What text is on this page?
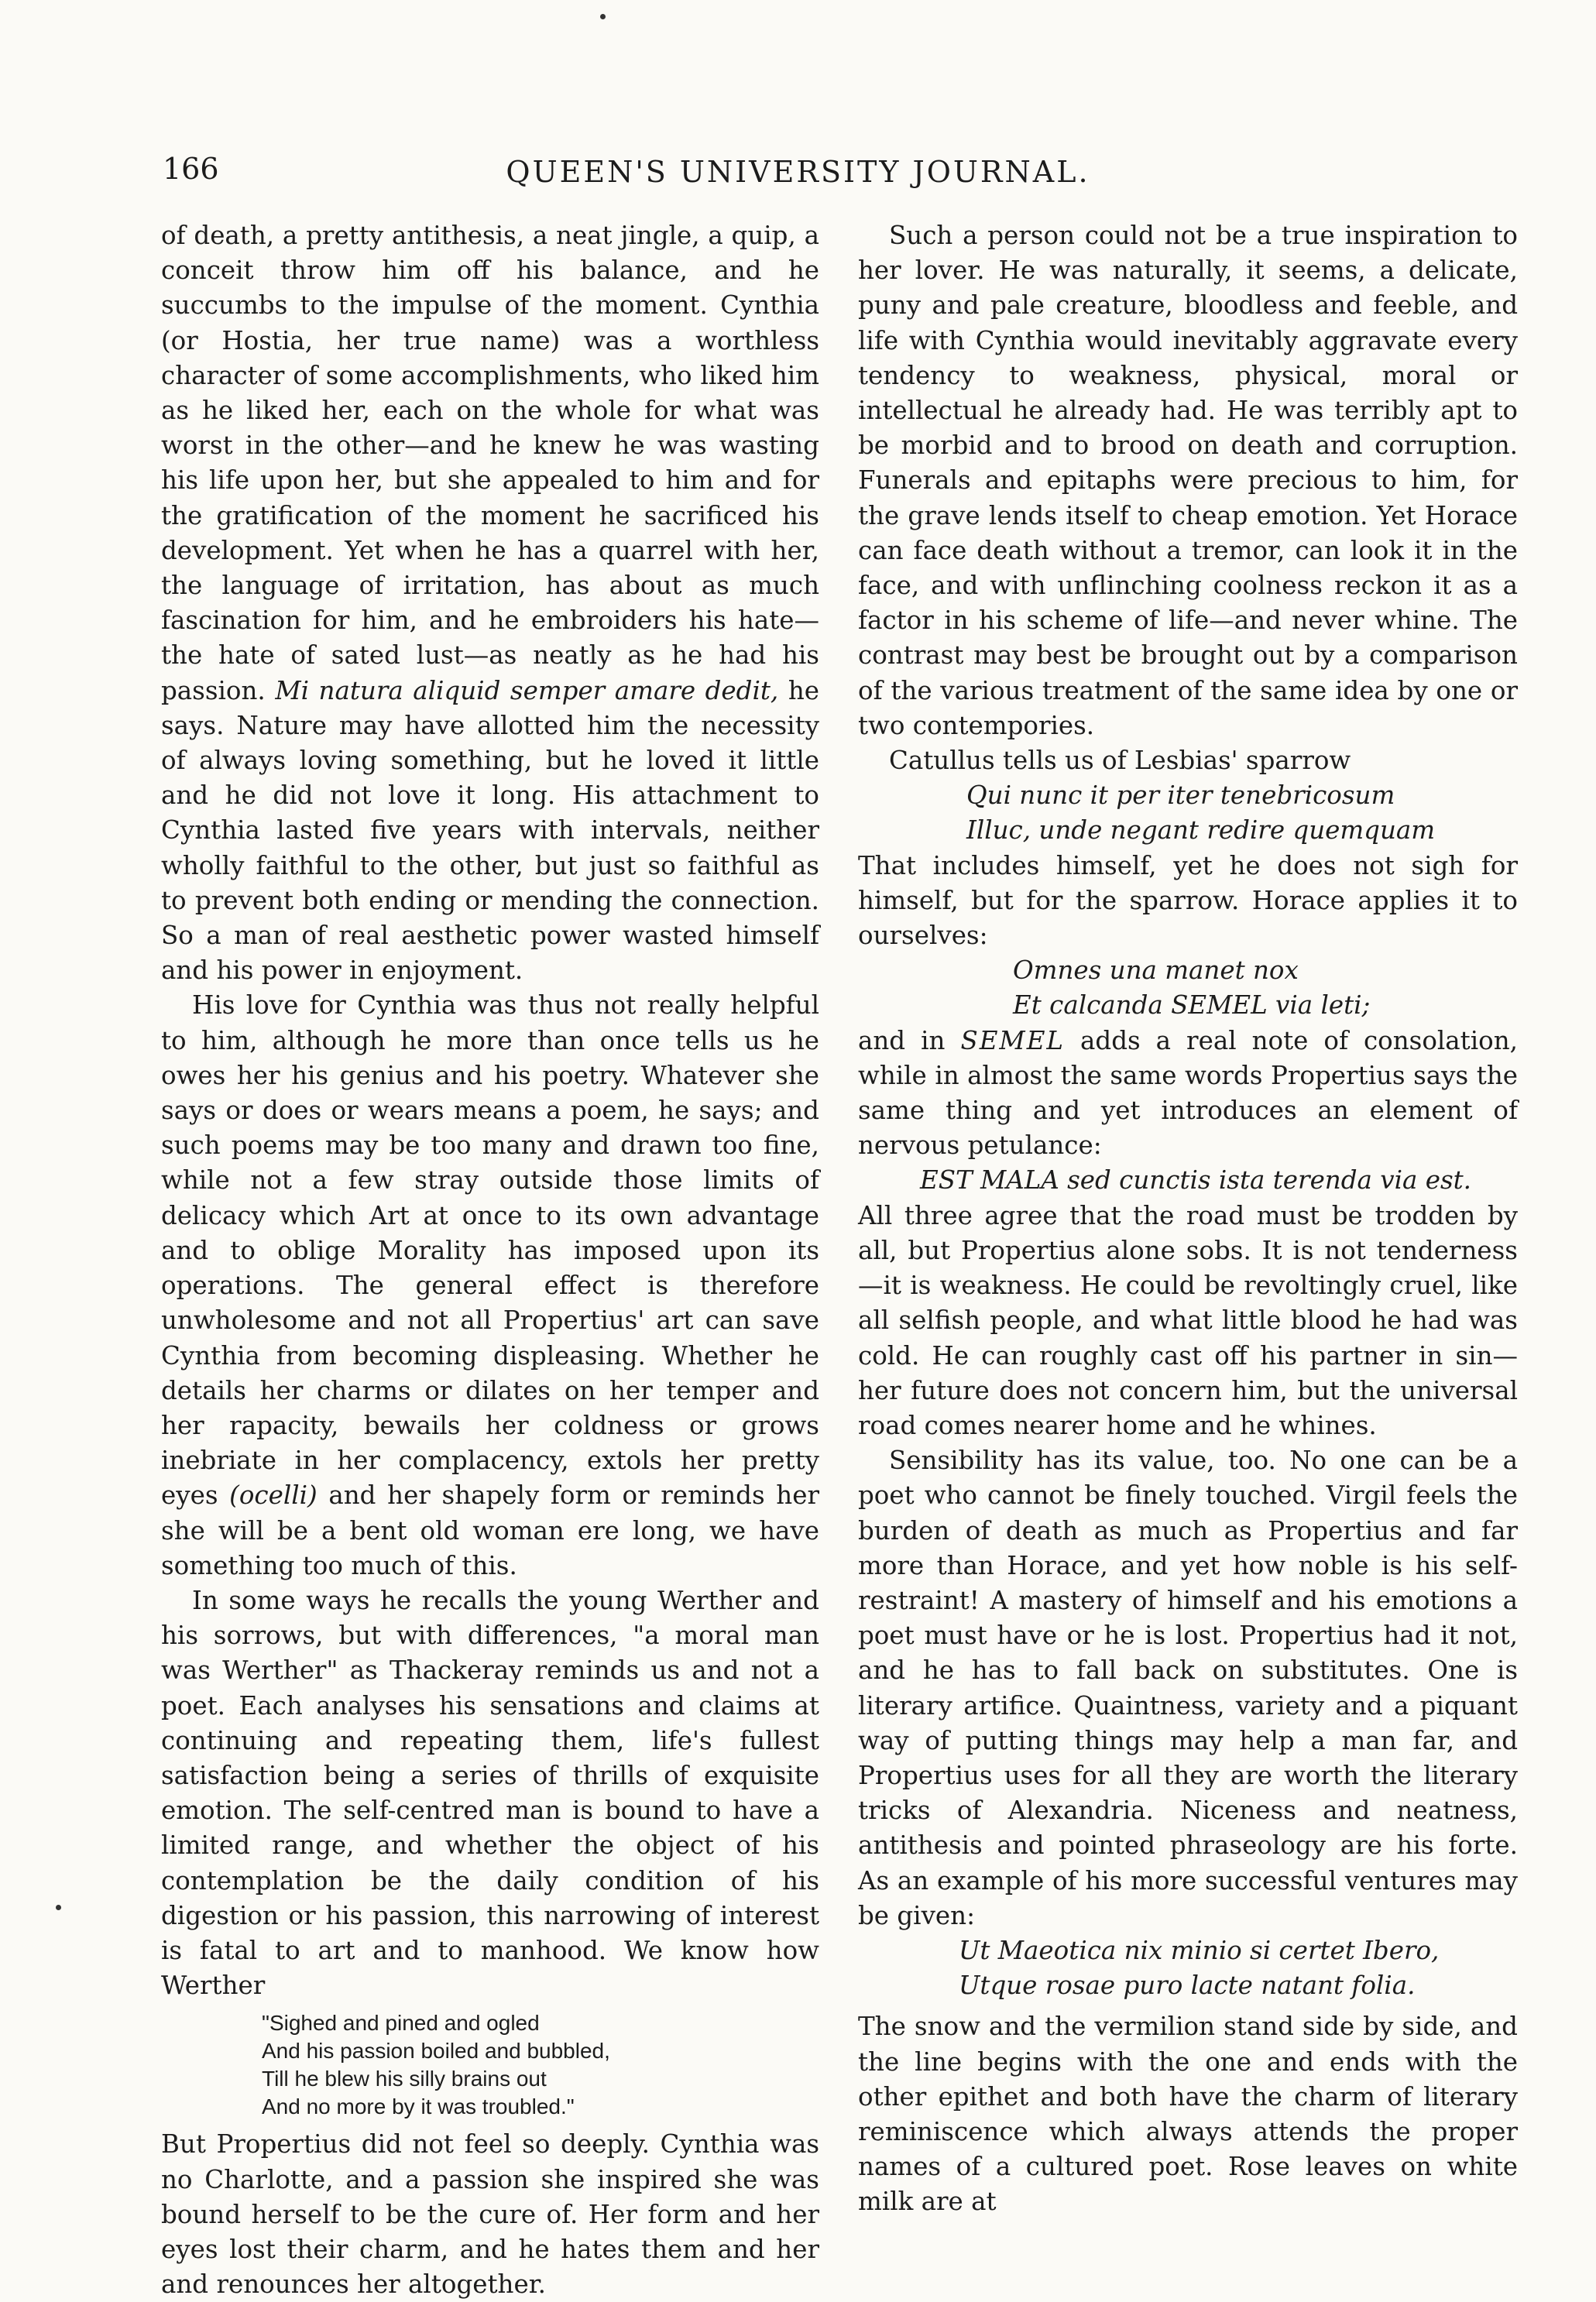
166	QUEEN'S UNIVERSITY JOURNAL.

of death, a pretty antithesis, a neat jingle, a quip, a conceit throw him off his balance, and he succumbs to the impulse of the moment. Cynthia (or Hostia, her true name) was a worthless character of some accomplishments, who liked him as he liked her, each on the whole for what was worst in the other—and he knew he was wasting his life upon her, but she appealed to him and for the gratification of the moment he sacrificed his development. Yet when he has a quarrel with her, the language of irritation, has about as much fascination for him, and he embroiders his hate—the hate of sated lust—as neatly as he had his passion. Mi natura aliquid semper amare dedit, he says. Nature may have allotted him the necessity of always loving something, but he loved it little and he did not love it long. His attachment to Cynthia lasted five years with intervals, neither wholly faithful to the other, but just so faithful as to prevent both ending or mending the connection. So a man of real aesthetic power wasted himself and his power in enjoyment.

His love for Cynthia was thus not really helpful to him, although he more than once tells us he owes her his genius and his poetry. Whatever she says or does or wears means a poem, he says; and such poems may be too many and drawn too fine, while not a few stray outside those limits of delicacy which Art at once to its own advantage and to oblige Morality has imposed upon its operations. The general effect is therefore unwholesome and not all Propertius' art can save Cynthia from becoming displeasing. Whether he details her charms or dilates on her temper and her rapacity, bewails her coldness or grows inebriate in her complacency, extols her pretty eyes (ocelli) and her shapely form or reminds her she will be a bent old woman ere long, we have something too much of this.

In some ways he recalls the young Werther and his sorrows, but with differences, "a moral man was Werther" as Thackeray reminds us and not a poet. Each analyses his sensations and claims at continuing and repeating them, life's fullest satisfaction being a series of thrills of exquisite emotion. The self-centred man is bound to have a limited range, and whether the object of his contemplation be the daily condition of his digestion or his passion, this narrowing of interest is fatal to art and to manhood. We know how Werther

"Sighed and pined and ogled
And his passion boiled and bubbled,
Till he blew his silly brains out
And no more by it was troubled."

But Propertius did not feel so deeply. Cynthia was no Charlotte, and a passion she inspired she was bound herself to be the cure of. Her form and her eyes lost their charm, and he hates them and her and renounces her altogether.

Such a person could not be a true inspiration to her lover. He was naturally, it seems, a delicate, puny and pale creature, bloodless and feeble, and life with Cynthia would inevitably aggravate every tendency to weakness, physical, moral or intellectual he already had. He was terribly apt to be morbid and to brood on death and corruption. Funerals and epitaphs were precious to him, for the grave lends itself to cheap emotion. Yet Horace can face death without a tremor, can look it in the face, and with unflinching coolness reckon it as a factor in his scheme of life—and never whine. The contrast may best be brought out by a comparison of the various treatment of the same idea by one or two contempories.

Catullus tells us of Lesbias' sparrow

Qui nunc it per iter tenebricosum

Illuc, unde negant redire quemquam

That includes himself, yet he does not sigh for himself, but for the sparrow. Horace applies it to ourselves:

Omnes una manet nox

Et calcanda SEMEL via leti;

and in SEMEL adds a real note of consolation, while in almost the same words Propertius says the same thing and yet introduces an element of nervous petulance:

EST MALA sed cunctis ista terenda via est.

All three agree that the road must be trodden by all, but Propertius alone sobs. It is not tenderness—it is weakness. He could be revoltingly cruel, like all selfish people, and what little blood he had was cold. He can roughly cast off his partner in sin—her future does not concern him, but the universal road comes nearer home and he whines.

Sensibility has its value, too. No one can be a poet who cannot be finely touched. Virgil feels the burden of death as much as Propertius and far more than Horace, and yet how noble is his self-restraint! A mastery of himself and his emotions a poet must have or he is lost. Propertius had it not, and he has to fall back on substitutes. One is literary artifice. Quaintness, variety and a piquant way of putting things may help a man far, and Propertius uses for all they are worth the literary tricks of Alexandria. Niceness and neatness, antithesis and pointed phraseology are his forte. As an example of his more successful ventures may be given:

Ut Maeotica nix minio si certet Ibero,

Utque rosae puro lacte natant folia.

The snow and the vermilion stand side by side, and the line begins with the one and ends with the other epithet and both have the charm of literary reminiscence which always attends the proper names of a cultured poet. Rose leaves on white milk are at
